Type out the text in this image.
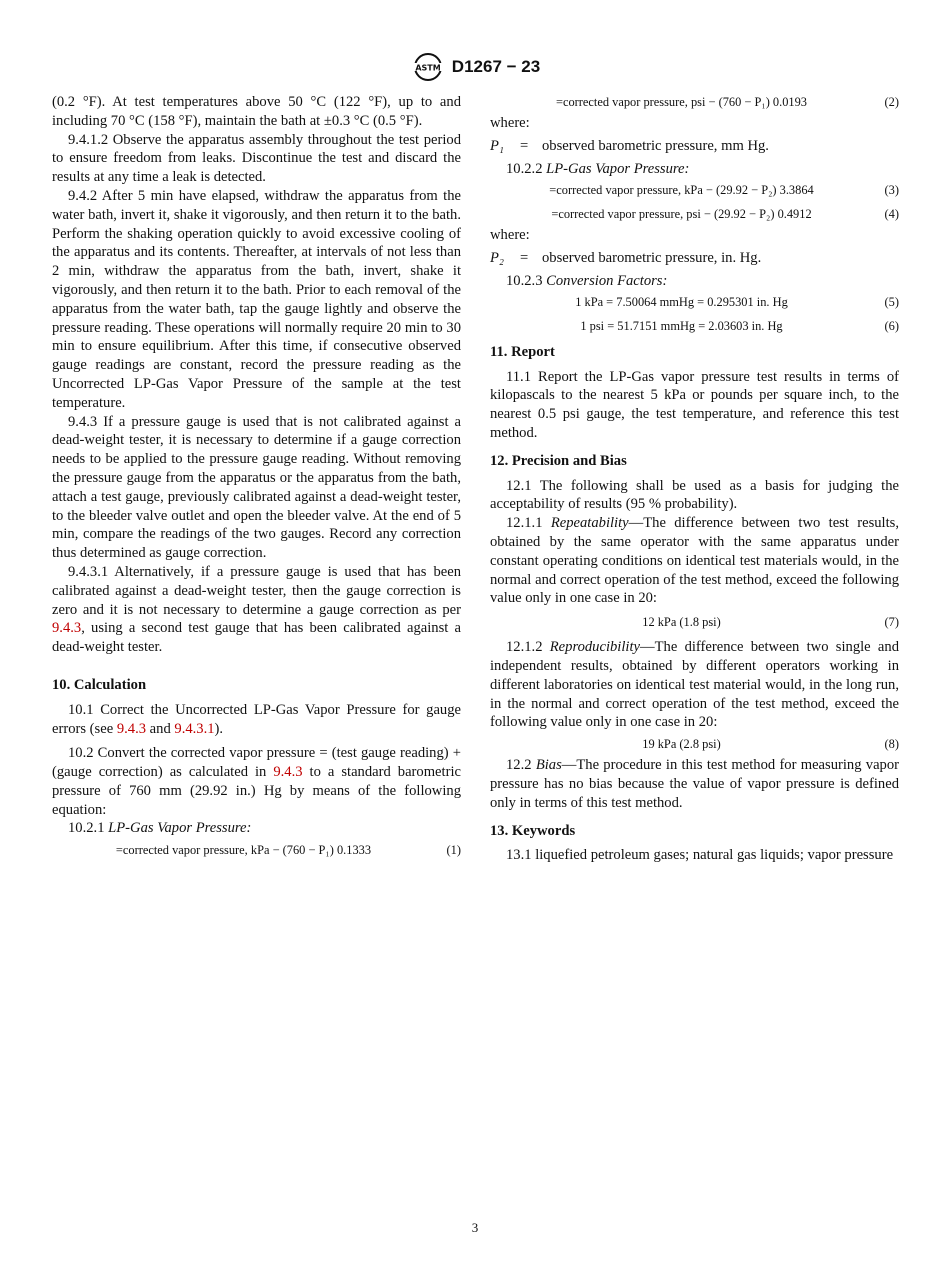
ASTM D1267 − 23

(0.2 °F). At test temperatures above 50 °C (122 °F), up to and including 70 °C (158 °F), maintain the bath at ±0.3 °C (0.5 °F).

9.4.1.2 Observe the apparatus assembly throughout the test period to ensure freedom from leaks. Discontinue the test and discard the results at any time a leak is detected.

9.4.2 After 5 min have elapsed, withdraw the apparatus from the water bath, invert it, shake it vigorously, and then return it to the bath. Perform the shaking operation quickly to avoid excessive cooling of the apparatus and its contents. Thereafter, at intervals of not less than 2 min, withdraw the apparatus from the bath, invert, shake it vigorously, and then return it to the bath. Prior to each removal of the apparatus from the water bath, tap the gauge lightly and observe the pressure reading. These operations will normally require 20 min to 30 min to ensure equilibrium. After this time, if consecutive observed gauge readings are constant, record the pressure reading as the Uncorrected LP-Gas Vapor Pressure of the sample at the test temperature.

9.4.3 If a pressure gauge is used that is not calibrated against a dead-weight tester, it is necessary to determine if a gauge correction needs to be applied to the pressure gauge reading. Without removing the pressure gauge from the apparatus or the apparatus from the bath, attach a test gauge, previously calibrated against a dead-weight tester, to the bleeder valve outlet and open the bleeder valve. At the end of 5 min, compare the readings of the two gauges. Record any correction thus determined as gauge correction.

9.4.3.1 Alternatively, if a pressure gauge is used that has been calibrated against a dead-weight tester, then the gauge correction is zero and it is not necessary to determine a gauge correction as per 9.4.3, using a second test gauge that has been calibrated against a dead-weight tester.

10. Calculation

10.1 Correct the Uncorrected LP-Gas Vapor Pressure for gauge errors (see 9.4.3 and 9.4.3.1).

10.2 Convert the corrected vapor pressure = (test gauge reading) + (gauge correction) as calculated in 9.4.3 to a standard barometric pressure of 760 mm (29.92 in.) Hg by means of the following equation:

10.2.1 LP-Gas Vapor Pressure:

=corrected vapor pressure, kPa − (760 − P₁) 0.1333	(1)
=corrected vapor pressure, psi − (760 − P₁) 0.0193	(2)

where:

P₁	= observed barometric pressure, mm Hg.

10.2.2 LP-Gas Vapor Pressure:

=corrected vapor pressure, kPa − (29.92 − P₂) 3.3864	(3)
=corrected vapor pressure, psi − (29.92 − P₂) 0.4912	(4)

where:

P₂	= observed barometric pressure, in. Hg.

10.2.3 Conversion Factors:

1 kPa = 7.50064 mmHg = 0.295301 in. Hg	(5)
1 psi = 51.7151 mmHg = 2.03603 in. Hg	(6)
11. Report

11.1 Report the LP-Gas vapor pressure test results in terms of kilopascals to the nearest 5 kPa or pounds per square inch, to the nearest 0.5 psi gauge, the test temperature, and reference this test method.

12. Precision and Bias

12.1 The following shall be used as a basis for judging the acceptability of results (95 % probability).

12.1.1 Repeatability—The difference between two test results, obtained by the same operator with the same apparatus under constant operating conditions on identical test materials would, in the normal and correct operation of the test method, exceed the following value only in one case in 20:

12 kPa (1.8 psi)	(7)

12.1.2 Reproducibility—The difference between two single and independent results, obtained by different operators working in different laboratories on identical test material would, in the long run, in the normal and correct operation of the test method, exceed the following value only in one case in 20:

19 kPa (2.8 psi)	(8)

12.2 Bias—The procedure in this test method for measuring vapor pressure has no bias because the value of vapor pressure is defined only in terms of this test method.

13. Keywords

13.1 liquefied petroleum gases; natural gas liquids; vapor pressure

3
